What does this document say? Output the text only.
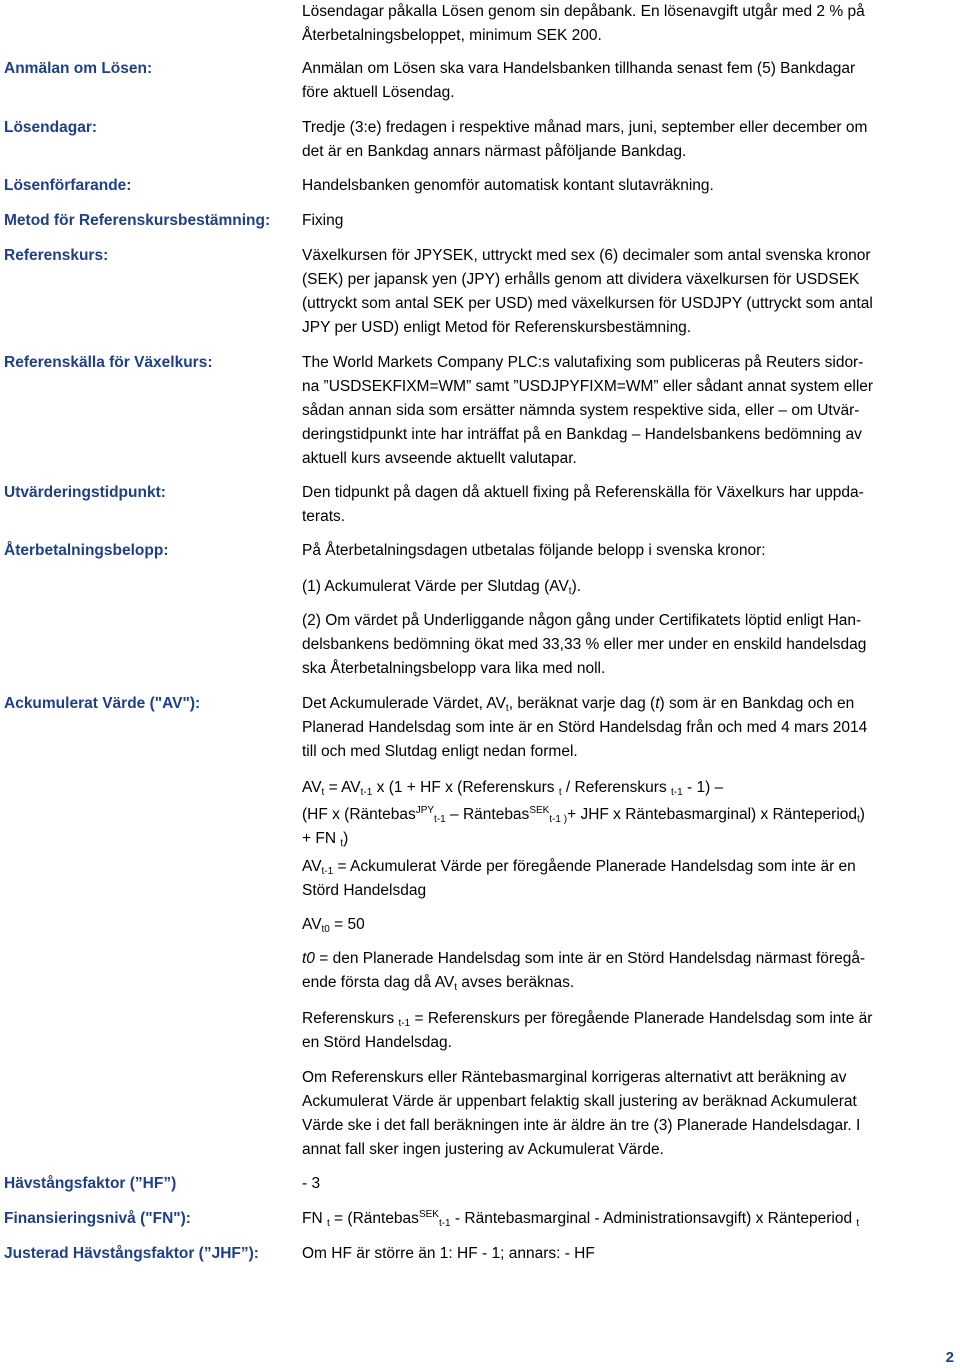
Lösendagar påkalla Lösen genom sin depåbank. En lösenavgift utgår med 2 % på
Återbetalningsbeloppet, minimum SEK 200.
Anmälan om Lösen:	Anmälan om Lösen ska vara Handelsbanken tillhanda senast fem (5) Bankdagar
före aktuell Lösendag.
Lösendagar:	Tredje (3:e) fredagen i respektive månad mars, juni, september eller december om
det är en Bankdag annars närmast påföljande Bankdag.
Lösenförfarande:	Handelsbanken genomför automatisk kontant slutavräkning.
Metod för Referenskursbestämning:	Fixing
Referenskurs:	Växelkursen för JPYSEK, uttryckt med sex (6) decimaler som antal svenska kronor
(SEK) per japansk yen (JPY) erhålls genom att dividera växelkursen för USDSEK
(uttryckt som antal SEK per USD) med växelkursen för USDJPY (uttryckt som antal
JPY per USD) enligt Metod för Referenskursbestämning.
Referenskälla för Växelkurs:	The World Markets Company PLC:s valutafixing som publiceras på Reuters sidor-
na ”USDSEKFIXM=WM” samt ”USDJPYFIXM=WM” eller sådant annat system eller
sådan annan sida som ersätter nämnda system respektive sida, eller – om Utvär-
deringstidpunkt inte har inträffat på en Bankdag – Handelsbankens bedömning av
aktuell kurs avseende aktuellt valutapar.
Utvärderingstidpunkt:	Den tidpunkt på dagen då aktuell fixing på Referenskälla för Växelkurs har uppda-
terats.
Återbetalningsbelopp:	På Återbetalningsdagen utbetalas följande belopp i svenska kronor:
(1) Ackumulerat Värde per Slutdag $(AV_t)$.
(2) Om värdet på Underliggande någon gång under Certifikatets löptid enligt Han-
delsbankens bedömning ökat med 33,33 % eller mer under en enskild handelsdag
ska Återbetalningsbelopp vara lika med noll.
Ackumulerat Värde ("AV"):	Det Ackumulerade Värdet, $AV_t$, beräknat varje dag (t) som är en Bankdag och en
Planerad Handelsdag som inte är en Störd Handelsdag från och med 4 mars 2014
till och med Slutdag enligt nedan formel.
$AV_t = AV_{t-1}$ x (1 + HF x (Referenskurs $_t$ / Referenskurs $_{t-1}$ - 1) –
(HF x (Räntebas$^{JPY}_{t-1}$ – Räntebas$^{SEK}_{t-1 )}$+ JHF x Räntebasmarginal) x Ränteperiod$_t$)
+ FN $_t$)
$AV_{t-1}$ = Ackumulerat Värde per föregående Planerade Handelsdag som inte är en
Störd Handelsdag
$AV_{t0} = 50$
t0 = den Planerade Handelsdag som inte är en Störd Handelsdag närmast föregå-
ende första dag då $AV_t$ avses beräknas.
Referenskurs $_{t-1}$ = Referenskurs per föregående Planerade Handelsdag som inte är
en Störd Handelsdag.
Om Referenskurs eller Räntebasmarginal korrigeras alternativt att beräkning av
Ackumulerat Värde är uppenbart felaktig skall justering av beräknad Ackumulerat
Värde ske i det fall beräkningen inte är äldre än tre (3) Planerade Handelsdagar. I
annat fall sker ingen justering av Ackumulerat Värde.
Hävstångsfaktor (”HF”)	- 3
Finansieringsnivå ("FN"):	FN $_t$ = (Räntebas$^{SEK}_{t-1}$ - Räntebasmarginal - Administrationsavgift) x Ränteperiod $_t$
Justerad Hävstångsfaktor (”JHF”):	Om HF är större än 1: HF - 1; annars: - HF
2
